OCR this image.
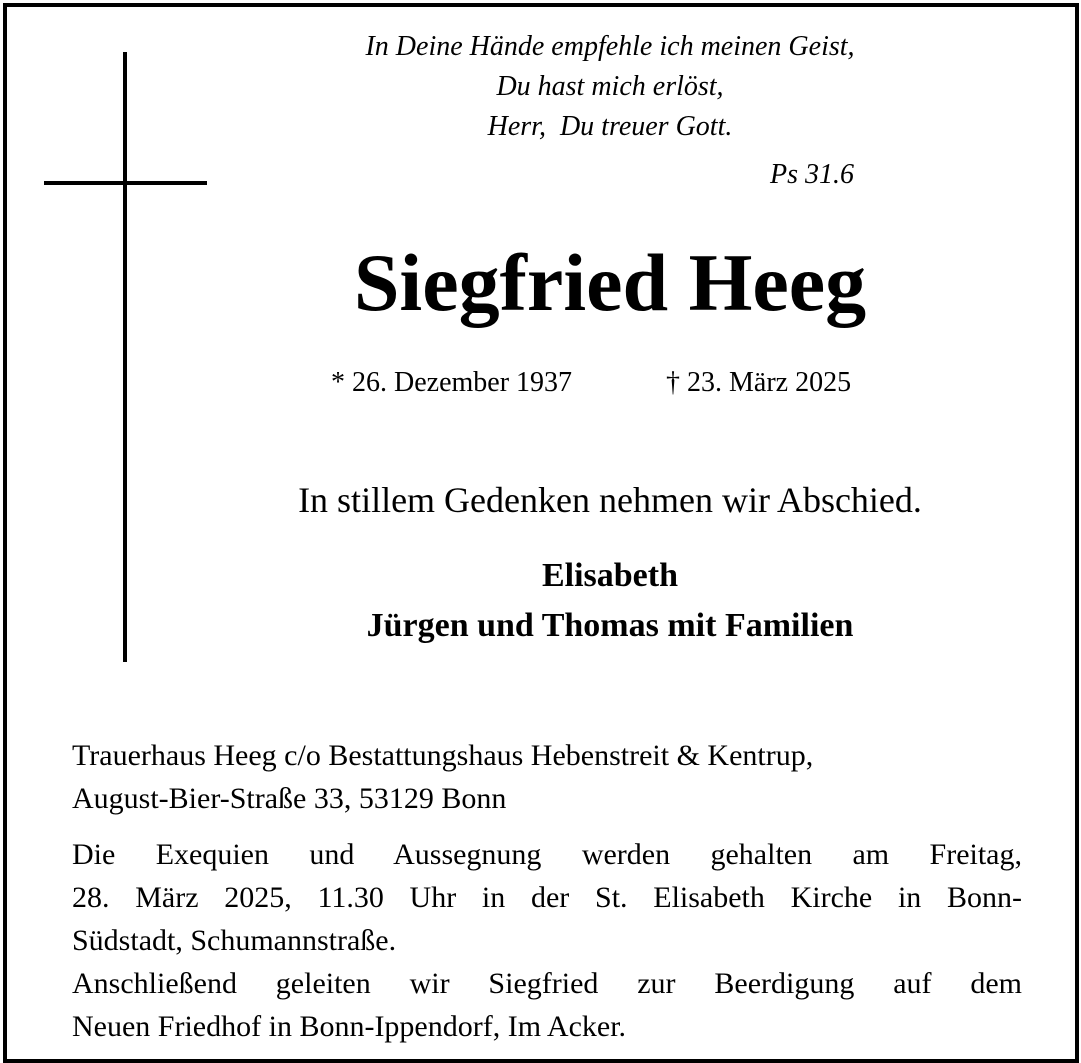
In Deine Hände empfehle ich meinen Geist,
Du hast mich erlöst,
Herr,  Du treuer Gott.
Ps 31.6
Siegfried Heeg
* 26. Dezember 1937	† 23. März 2025
In stillem Gedenken nehmen wir Abschied.
Elisabeth
Jürgen und Thomas mit Familien
Trauerhaus Heeg c/o Bestattungshaus Hebenstreit & Kentrup,
August-Bier-Straße 33, 53129 Bonn
Die Exequien und Aussegnung werden gehalten am Freitag,
28. März 2025, 11.30 Uhr in der St. Elisabeth Kirche in Bonn-
Südstadt, Schumannstraße.
Anschließend geleiten wir Siegfried zur Beerdigung auf dem
Neuen Friedhof in Bonn-Ippendorf, Im Acker.
